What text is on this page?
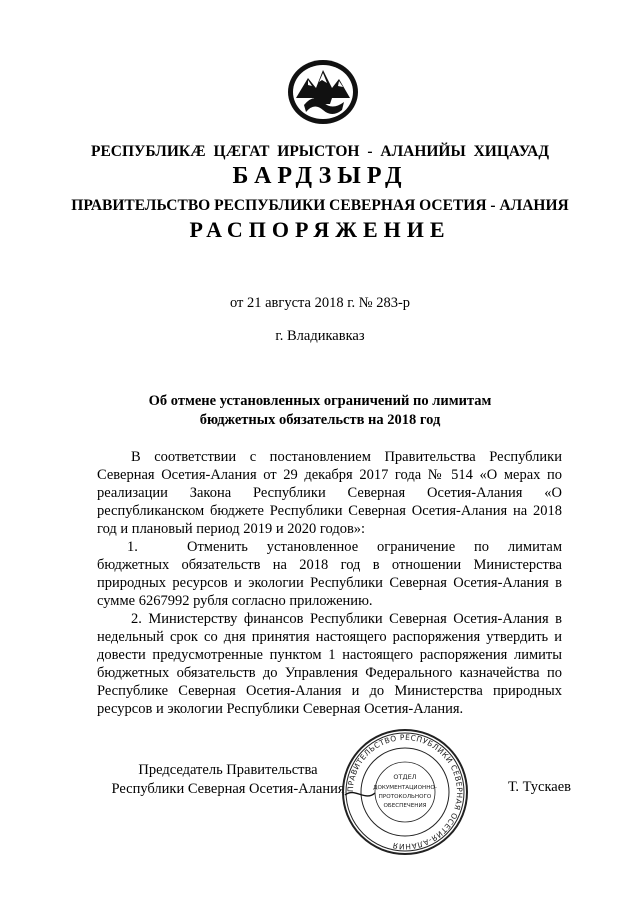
РЕСПУБЛИКӔ ЦӔГАТ ИРЫСТОН - АЛАНИЙЫ ХИЦАУАД
БАРДЗЫРД
ПРАВИТЕЛЬСТВО РЕСПУБЛИКИ СЕВЕРНАЯ ОСЕТИЯ - АЛАНИЯ
РАСПОРЯЖЕНИЕ
от 21 августа 2018 г. № 283-р
г. Владикавказ
Об отмене установленных ограничений по лимитам
бюджетных обязательств на 2018 год

В соответствии с постановлением Правительства Республики Северная Осетия-Алания от 29 декабря 2017 года № 514 «О мерах по реализации Закона Республики Северная Осетия-Алания «О республиканском бюджете Республики Северная Осетия-Алания на 2018 год и плановый период 2019 и 2020 годов»:

1.	Отменить установленное ограничение по лимитам бюджетных обязательств на 2018 год в отношении Министерства природных ресурсов и экологии Республики Северная Осетия-Алания в сумме 6267992 рубля согласно приложению.

2. Министерству финансов Республики Северная Осетия-Алания в недельный срок со дня принятия настоящего распоряжения утвердить и довести предусмотренные пунктом 1 настоящего распоряжения лимиты бюджетных обязательств до Управления Федерального казначейства по Республике Северная Осетия-Алания и до Министерства природных ресурсов и экологии Республики Северная Осетия-Алания.

Председатель Правительства
Республики Северная Осетия-Алания ПРАВИТЕЛЬСТВО РЕСПУБЛИКИ СЕВЕРНАЯ ОСЕТИЯ-АЛАНИЯ
ОТДЕЛ
ДОКУМЕНТАЦИОННО-
ПРОТОКОЛЬНОГО
ОБЕСПЕЧЕНИЯ
Т. Тускаев
